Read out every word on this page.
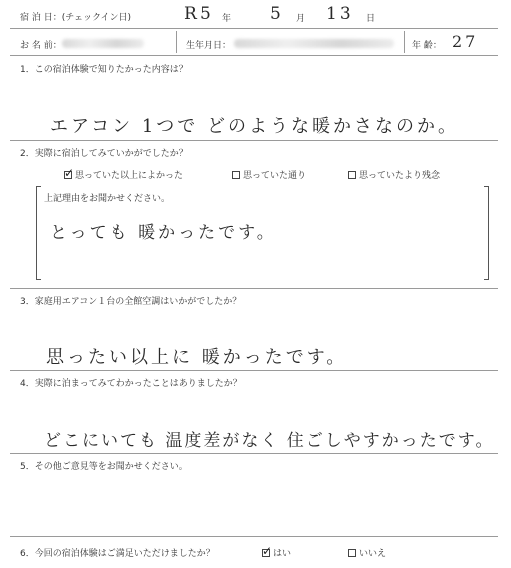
宿 泊 日：(チェックイン日)	R 5 年 5 月 13 日
お 名 前：	生年月日：	年 齢： 27
1．この宿泊体験で知りたかった内容は？
エアコン 1つで どのような暖かさなのか。
2．実際に宿泊してみていかがでしたか？
✓ 思っていた以上によかった	思っていた通り	思っていたより残念
上記理由をお聞かせください。
とっても 暖かったです。
3．家庭用エアコン１台の全館空調はいかがでしたか？
思ったい以上に 暖かったです。
4．実際に泊まってみてわかったことはありましたか？
どこにいても 温度差がなく 住ごしやすかったです。
5．その他ご意見等をお聞かせください。
6．今回の宿泊体験はご満足いただけましたか？	✓ はい	いいえ
